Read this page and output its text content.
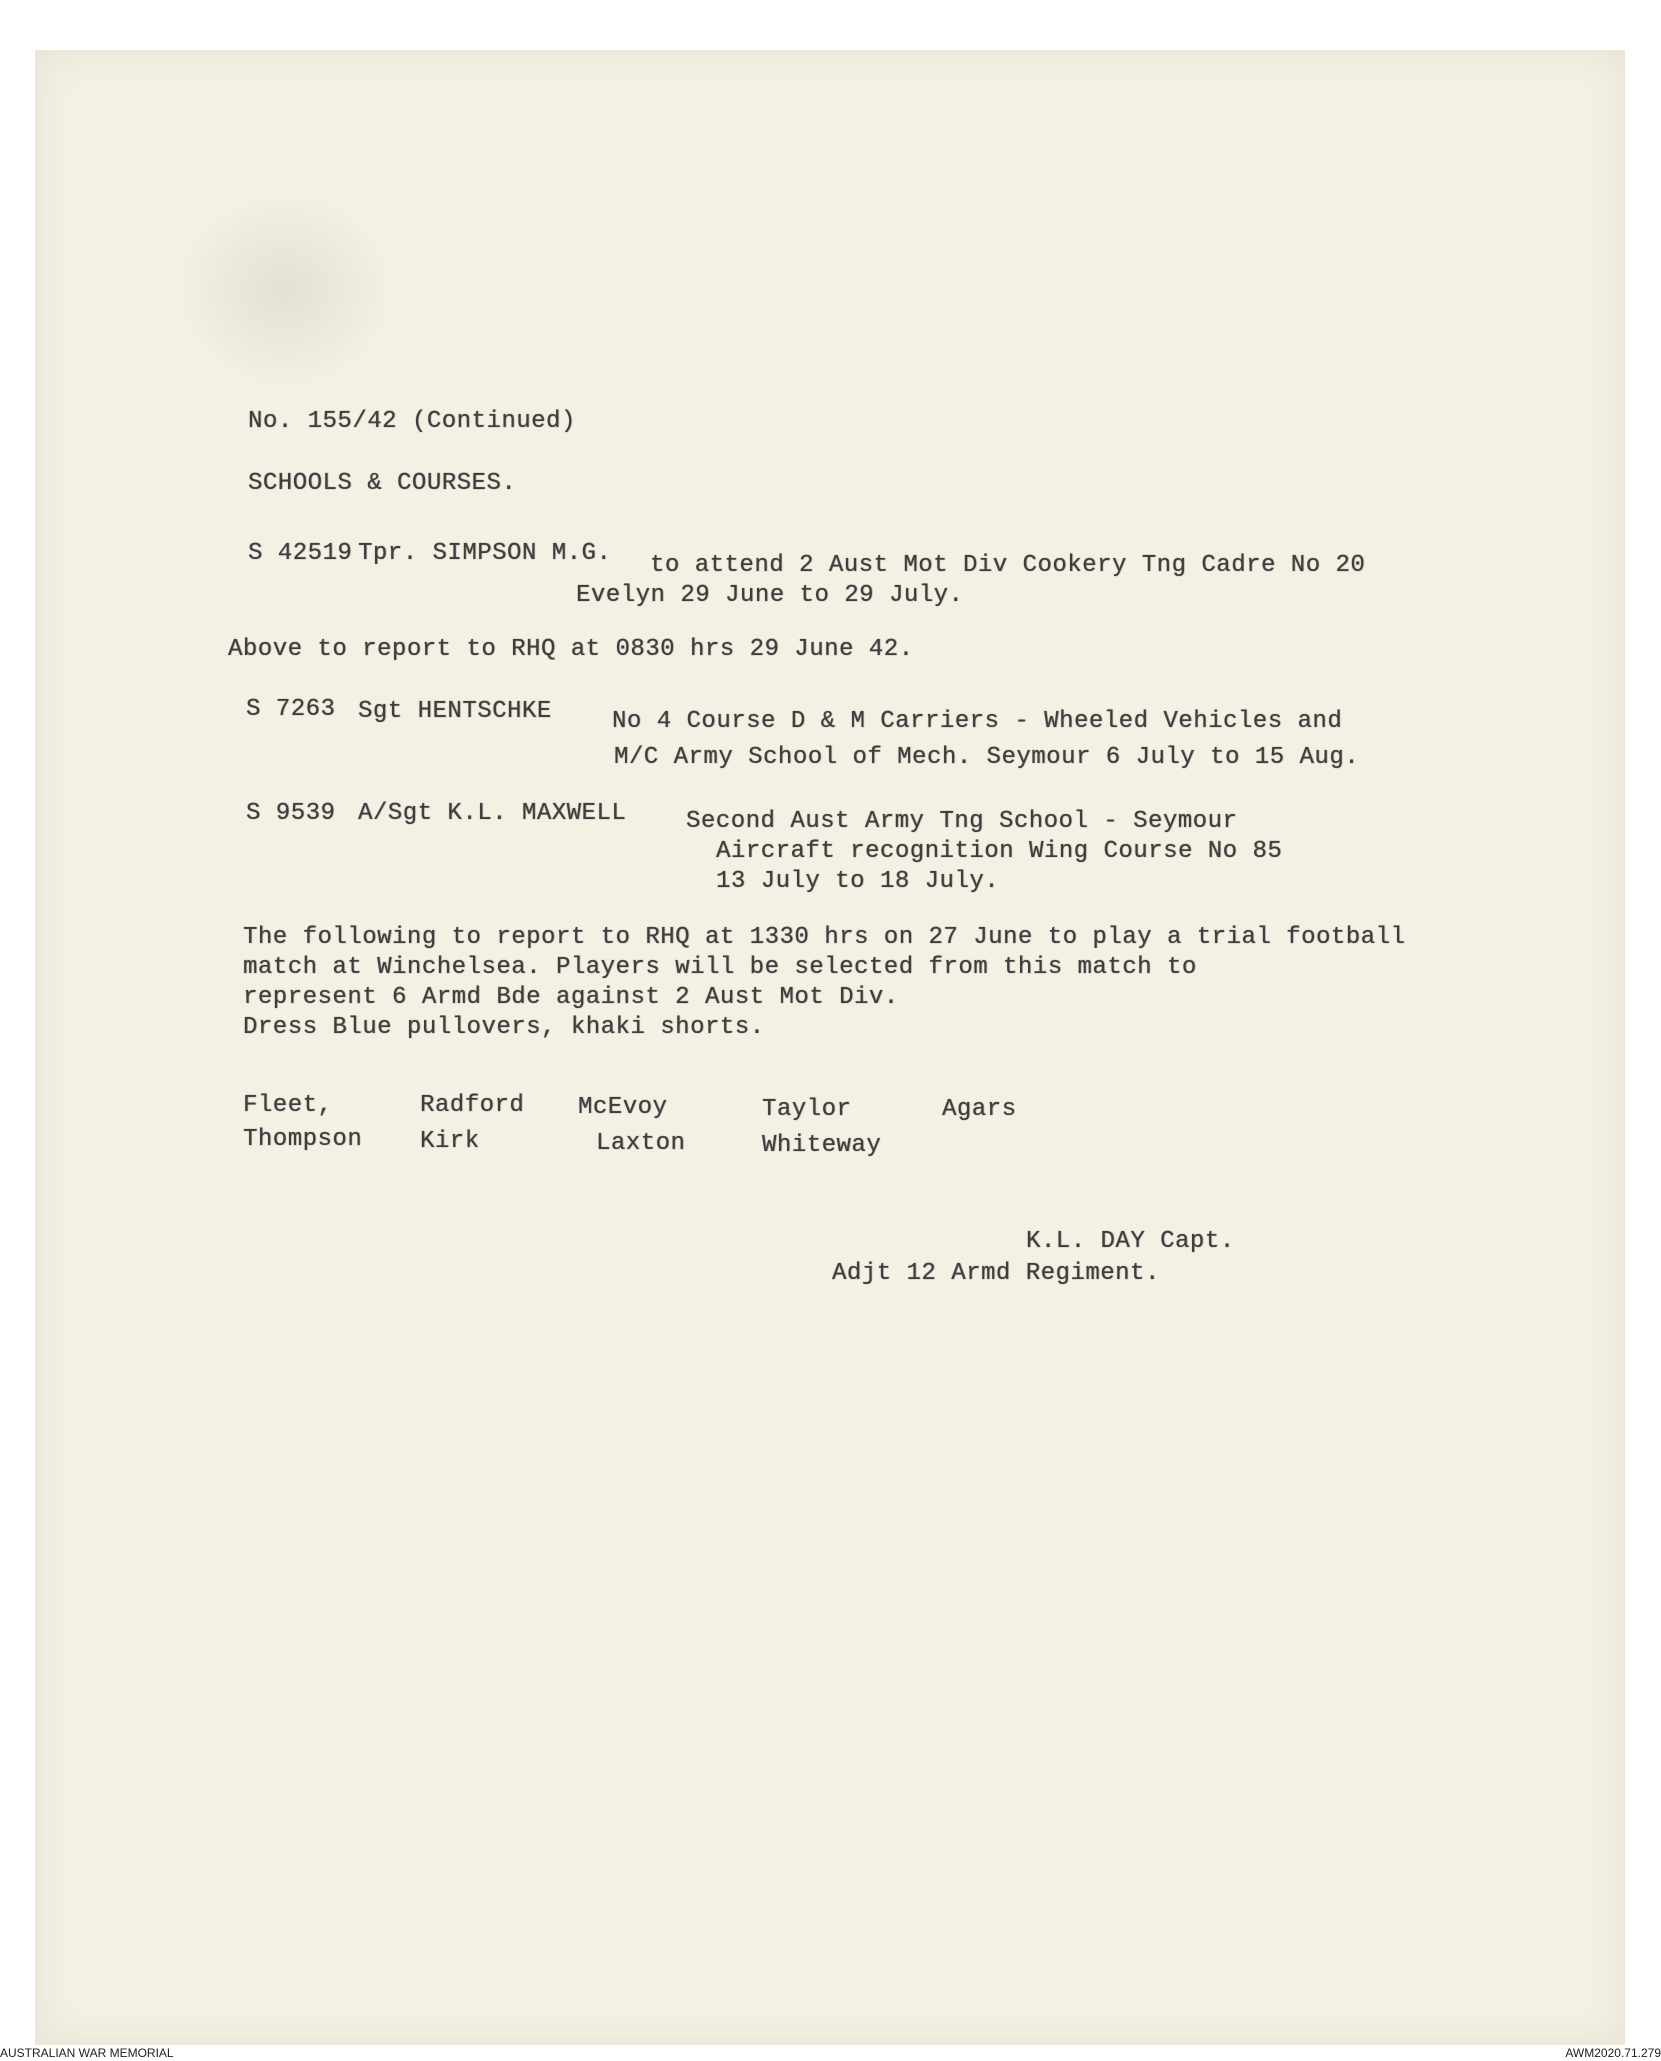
No. 155/42 (Continued)
SCHOOLS & COURSES.
S 42519 Tpr. SIMPSON M.G. to attend 2 Aust Mot Div Cookery Tng Cadre No 20
Evelyn 29 June to 29 July.
Above to report to RHQ at 0830 hrs 29 June 42.
S 7263 Sgt HENTSCHKE	No 4 Course D & M Carriers - Wheeled Vehicles and
M/C Army School of Mech. Seymour 6 July to 15 Aug.
S 9539 A/Sgt K.L. MAXWELL Second Aust Army Tng School - Seymour
Aircraft recognition Wing Course No 85
13 July to 18 July.
The following to report to RHQ at 1330 hrs on 27 June to play a trial football
match at Winchelsea. Players will be selected from this match to
represent 6 Armd Bde against 2 Aust Mot Div.
Dress Blue pullovers, khaki shorts.
Fleet,	Radford McEvoy	Taylor	Agars
Thompson Kirk	Laxton	Whiteway
K.L. DAY Capt.
Adjt 12 Armd Regiment.
AUSTRALIAN WAR MEMORIAL	AWM2020.71.279
